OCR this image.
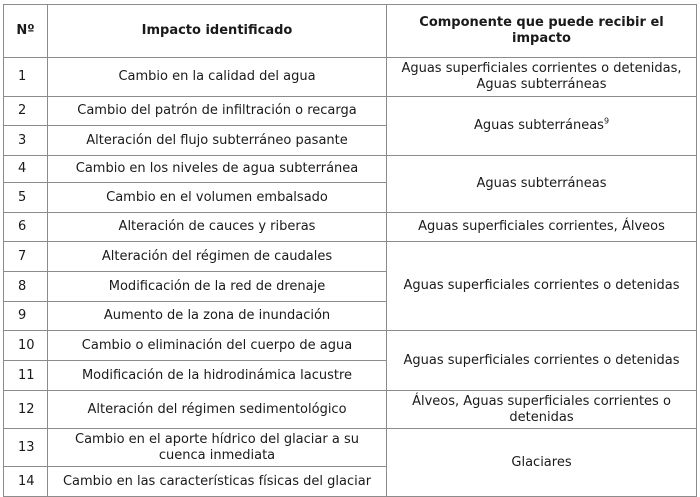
Nº	Impacto identificado	Componente que puede recibir el impacto
1	Cambio en la calidad del agua	Aguas superficiales corrientes o detenidas, Aguas subterráneas
2	Cambio del patrón de infiltración o recarga	Aguas subterráneas$^9$
3	Alteración del flujo subterráneo pasante	
4	Cambio en los niveles de agua subterránea	Aguas subterráneas
5	Cambio en el volumen embalsado	
6	Alteración de cauces y riberas	Aguas superficiales corrientes, Álveos
7	Alteración del régimen de caudales	Aguas superficiales corrientes o detenidas
8	Modificación de la red de drenaje	
9	Aumento de la zona de inundación	
10	Cambio o eliminación del cuerpo de agua	Aguas superficiales corrientes o detenidas
11	Modificación de la hidrodinámica lacustre	
12	Alteración del régimen sedimentológico	Álveos, Aguas superficiales corrientes o detenidas
13	Cambio en el aporte hídrico del glaciar a su cuenca inmediata	Glaciares
14	Cambio en las características físicas del glaciar	
